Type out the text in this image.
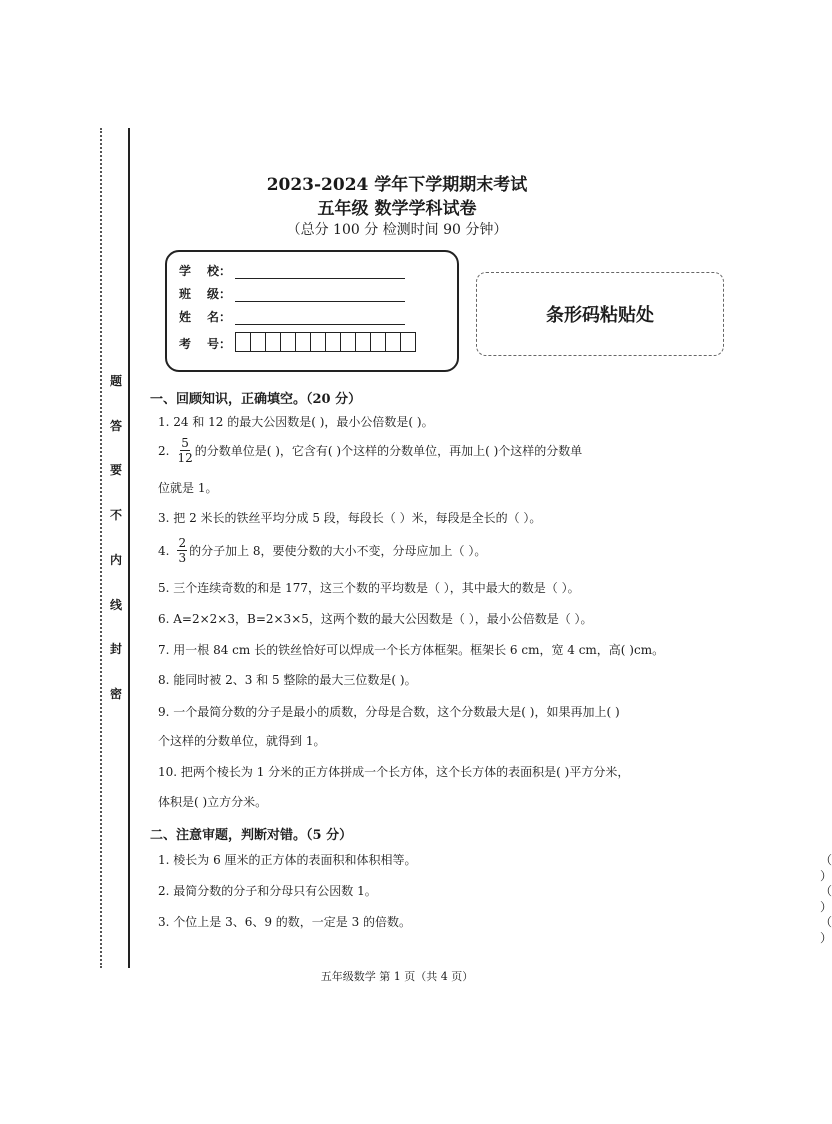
题
答
要
不
内
线
封
密
2023-2024 学年下学期期末考试
五年级 数学学科试卷
（总分 100 分 检测时间 90 分钟）
学 校：
班 级：
姓 名：
考 号：
条形码粘贴处
一、回顾知识，正确填空。（20 分）
1. 24 和 12 的最大公因数是( )，最小公倍数是( )。
2. $\frac{5}{12}$ 的分数单位是( )，它含有( )个这样的分数单位，再加上( )个这样的分数单
位就是 1。
3. 把 2 米长的铁丝平均分成 5 段，每段长（ ）米，每段是全长的（ ）。
4. $\frac{2}{3}$ 的分子加上 8，要使分数的大小不变，分母应加上（ ）。
5. 三个连续奇数的和是 177，这三个数的平均数是（ ），其中最大的数是（ ）。
6. A=2×2×3，B=2×3×5，这两个数的最大公因数是（ ），最小公倍数是（ ）。
7. 用一根 84 cm 长的铁丝恰好可以焊成一个长方体框架。框架长 6 cm，宽 4 cm，高( )cm。
8. 能同时被 2、3 和 5 整除的最大三位数是( )。
9. 一个最简分数的分子是最小的质数，分母是合数，这个分数最大是( )，如果再加上( )
个这样的分数单位，就得到 1。
10. 把两个棱长为 1 分米的正方体拼成一个长方体，这个长方体的表面积是( )平方分米，
体积是( )立方分米。
二、注意审题，判断对错。（5 分）
1. 棱长为 6 厘米的正方体的表面积和体积相等。	（ ）
2. 最简分数的分子和分母只有公因数 1。	（ ）
3. 个位上是 3、6、9 的数，一定是 3 的倍数。	（ ）
五年级数学 第 1 页（共 4 页）
